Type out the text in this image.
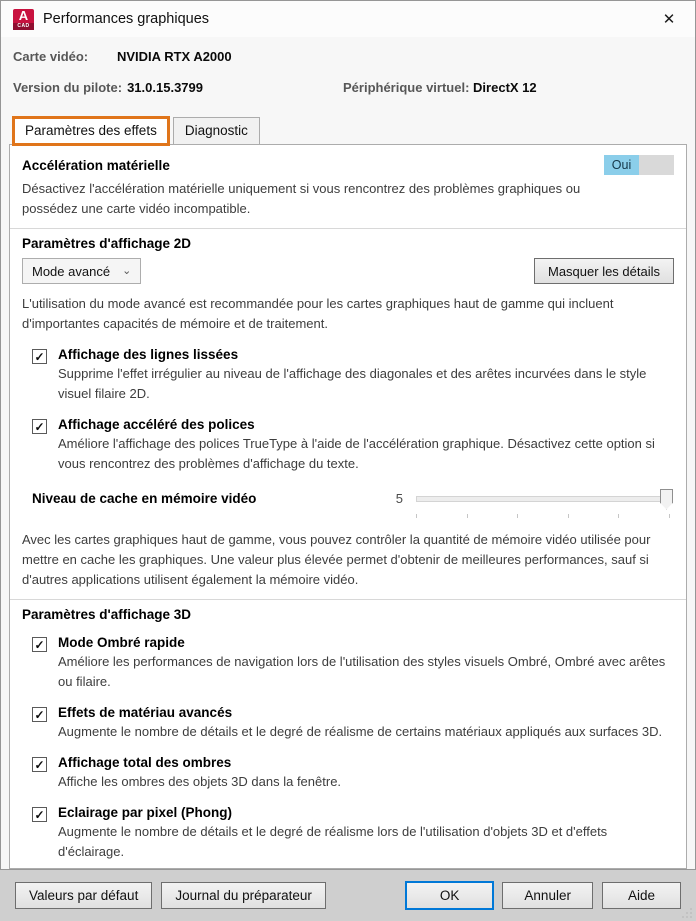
A
CAD Performances graphiques	✕
Carte vidéo:	NVIDIA RTX A2000
Version du pilote: 31.0.15.3799	Périphérique virtuel: DirectX 12
Paramètres des effets	Diagnostic
Accélération matérielle	Oui
Désactivez l'accélération matérielle uniquement si vous rencontrez des problèmes graphiques ou possédez une carte vidéo incompatible.
Paramètres d'affichage 2D
Mode avancé ⌄	Masquer les détails
L'utilisation du mode avancé est recommandée pour les cartes graphiques haut de gamme qui incluent d'importantes capacités de mémoire et de traitement.
✓ Affichage des lignes lissées
Supprime l'effet irrégulier au niveau de l'affichage des diagonales et des arêtes incurvées dans le style visuel filaire 2D.
✓ Affichage accéléré des polices
Améliore l'affichage des polices TrueType à l'aide de l'accélération graphique. Désactivez cette option si vous rencontrez des problèmes d'affichage du texte.
Niveau de cache en mémoire vidéo	5
Avec les cartes graphiques haut de gamme, vous pouvez contrôler la quantité de mémoire vidéo utilisée pour mettre en cache les graphiques. Une valeur plus élevée permet d'obtenir de meilleures performances, sauf si d'autres applications utilisent également la mémoire vidéo.
Paramètres d'affichage 3D
✓ Mode Ombré rapide
Améliore les performances de navigation lors de l'utilisation des styles visuels Ombré, Ombré avec arêtes ou filaire.
✓ Effets de matériau avancés
Augmente le nombre de détails et le degré de réalisme de certains matériaux appliqués aux surfaces 3D.
✓ Affichage total des ombres
Affiche les ombres des objets 3D dans la fenêtre.
✓ Eclairage par pixel (Phong)
Augmente le nombre de détails et le degré de réalisme lors de l'utilisation d'objets 3D et d'effets d'éclairage.
Valeurs par défaut	Journal du préparateur	OK	Annuler	Aide
